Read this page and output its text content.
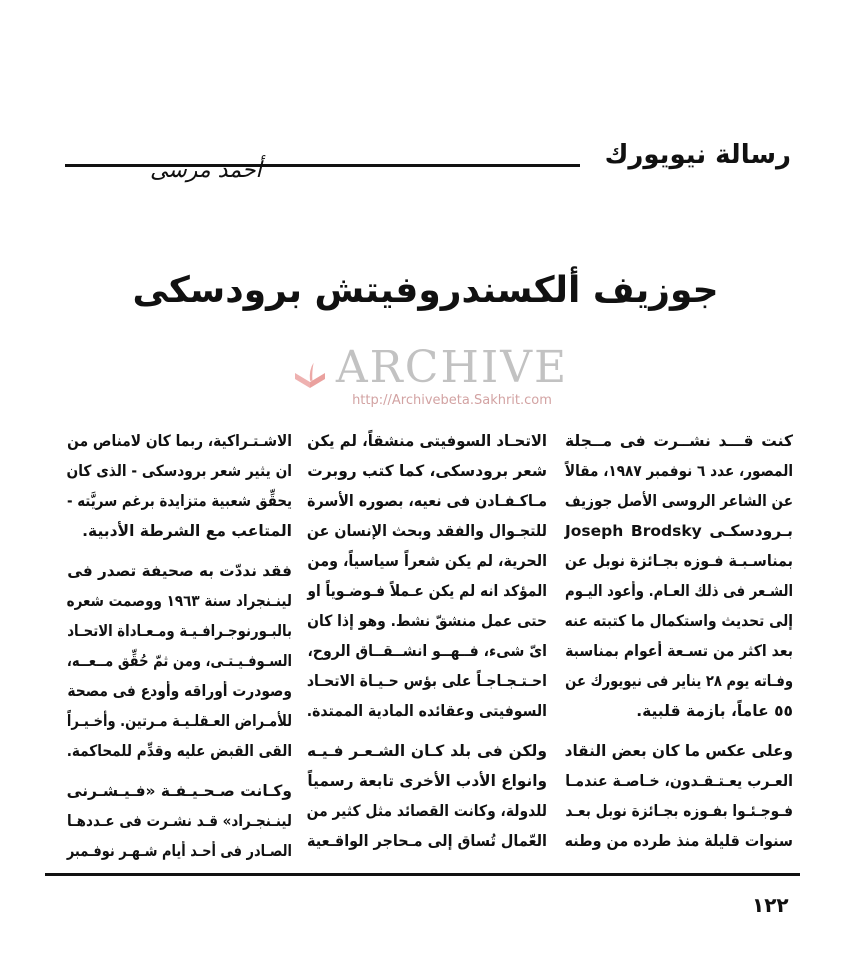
رسالة نيويورك
أحمد مرسى
جوزيف ألكسندروفيتش برودسكى
ARCHIVE
http://Archivebeta.Sakhrit.com
كنت قـــد نشــرت فى مــجلة
المصور، عدد ٦ نوفمبر ١٩٨٧، مقالاً
عن الشاعر الروسى الأصل جوزيف
بـرودسكـى Joseph Brodsky
بمناسـبـة فـوزه بجـائزة نوبل عن
الشـعر فى ذلك العـام. وأعود اليـوم
إلى تحديث واستكمال ما كتبته عنه
بعد اكثر من تسـعة أعوام بمناسبة
وفـاته يوم ٢٨ يناير فى نيويورك عن
٥٥ عاماً، بازمة قلبية.
وعلى عكس ما كان بعض النقاد
العـرب يعـتـقـدون، خـاصـة عندمـا
فـوجـئـوا بفـوزه بجـائزة نوبل بعـد
سنوات قليلة منذ طرده من وطنه
الاتحـاد السوفيتى منشقاً، لم يكن
شعر برودسكى، كما كتب روبرت
مـاكـفـادن فى نعيه، بصوره الأسرة
للتجـوال والفقد وبحث الإنسان عن
الحرية، لم يكن شعراً سياسياً، ومن
المؤكد انه لم يكن عـملاً فـوضـوياً او
حتى عمل منشقّ نشط. وهو إذا كان
اىّ شىء، فــهــو انشــقــاق الروح،
احـتـجـاجـاً على بؤس حـيـاة الاتحـاد
السوفيتى وعقائده المادية الممتدة.
ولكن فى بلد كـان الشـعـر فـيـه
وانواع الأدب الأخرى تابعة رسمياً
للدولة، وكانت القصائد مثل كثير من
العّمال تُساق إلى مـحاجر الواقـعية
الاشـتـراكية، ربما كان لامناص من
ان يثير شعر برودسكى - الذى كان
يحقِّق شعبية متزايدة برغم سريَّته -
المتاعب مع الشرطة الأدبية.
فقد نددّت به صحيفة تصدر فى
لينـنجراد سنة ١٩٦٣ ووصمت شعره
بالبـورنوجـرافـيـة ومـعـاداة الاتحـاد
السـوفـيـتـى، ومن ثمّ حُقِّق مــعــه،
وصودرت أوراقه وأودع فى مصحة
للأمـراض العـقلـيـة مـرتين. وأخـيـراً
القى القبض عليه وقدِّم للمحاكمة.
وكـانت صـحـيـفـة «فـيـشـرنى
لينـنجـراد» قـد نشـرت فى عـددهـا
الصـادر فى أحـد أيام شـهـر نوفـمبر
١٢٢
